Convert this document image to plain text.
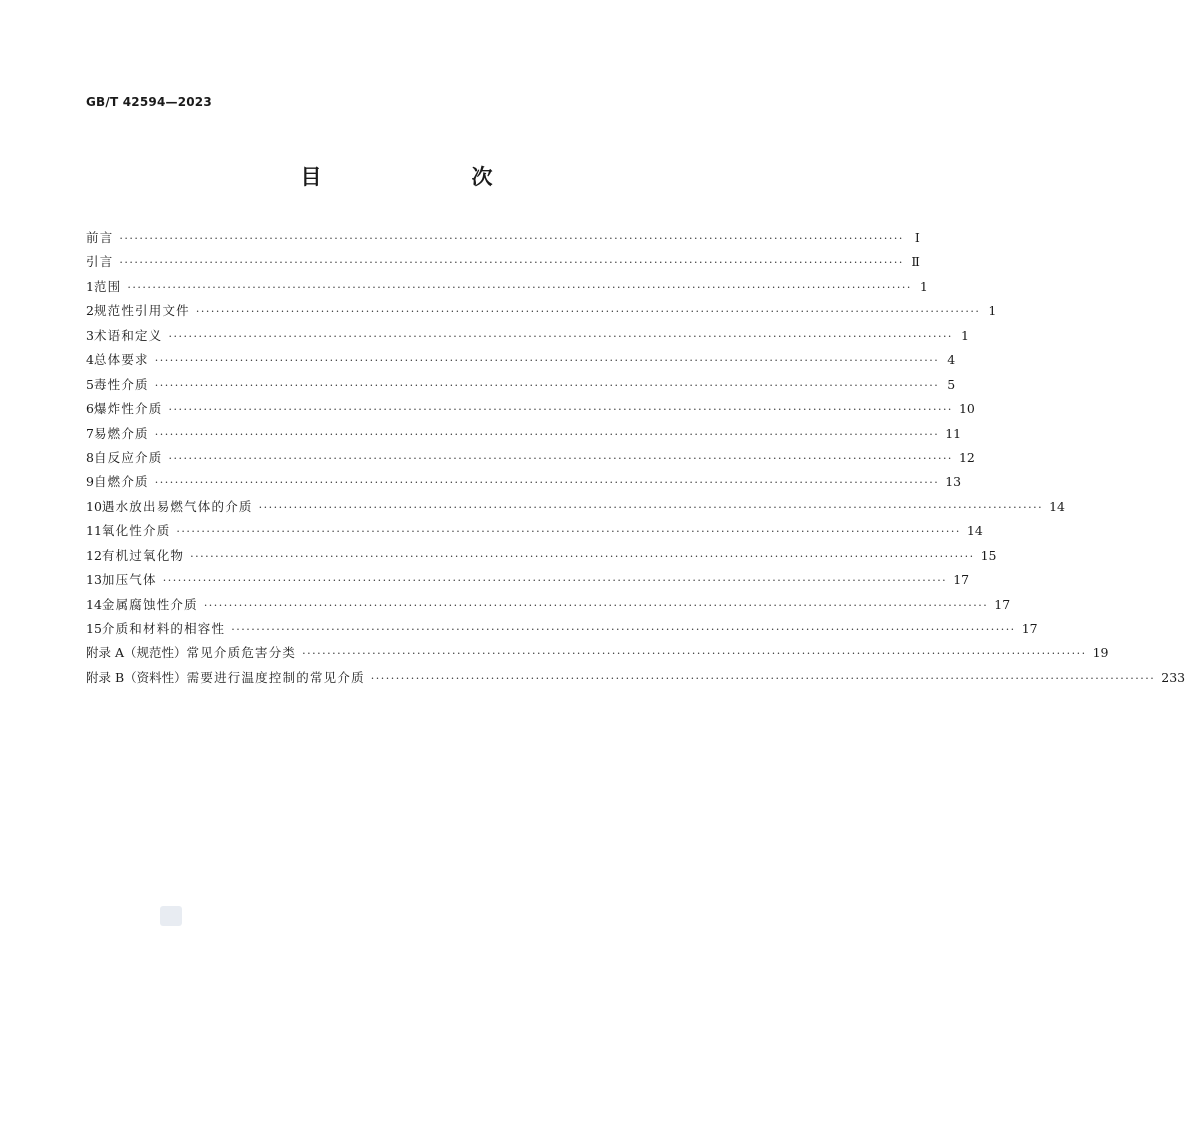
GB/T 42594—2023
目　　次
前言 ····························································································································································· Ⅰ
引言 ····························································································································································· Ⅱ
1 范围 ····························································································································································· 1
2 规范性引用文件 ····························································································································································· 1
3 术语和定义 ····························································································································································· 1
4 总体要求 ····························································································································································· 4
5 毒性介质 ····························································································································································· 5
6 爆炸性介质 ····························································································································································· 10
7 易燃介质 ····························································································································································· 11
8 自反应介质 ····························································································································································· 12
9 自燃介质 ····························································································································································· 13
10 遇水放出易燃气体的介质 ····························································································································································· 14
11 氧化性介质 ····························································································································································· 14
12 有机过氧化物 ····························································································································································· 15
13 加压气体 ····························································································································································· 17
14 金属腐蚀性介质 ····························································································································································· 17
15 介质和材料的相容性 ····························································································································································· 17
附录 A（规范性） 常见介质危害分类 ····························································································································································· 19
附录 B（资料性） 需要进行温度控制的常见介质 ····························································································································································· 233
